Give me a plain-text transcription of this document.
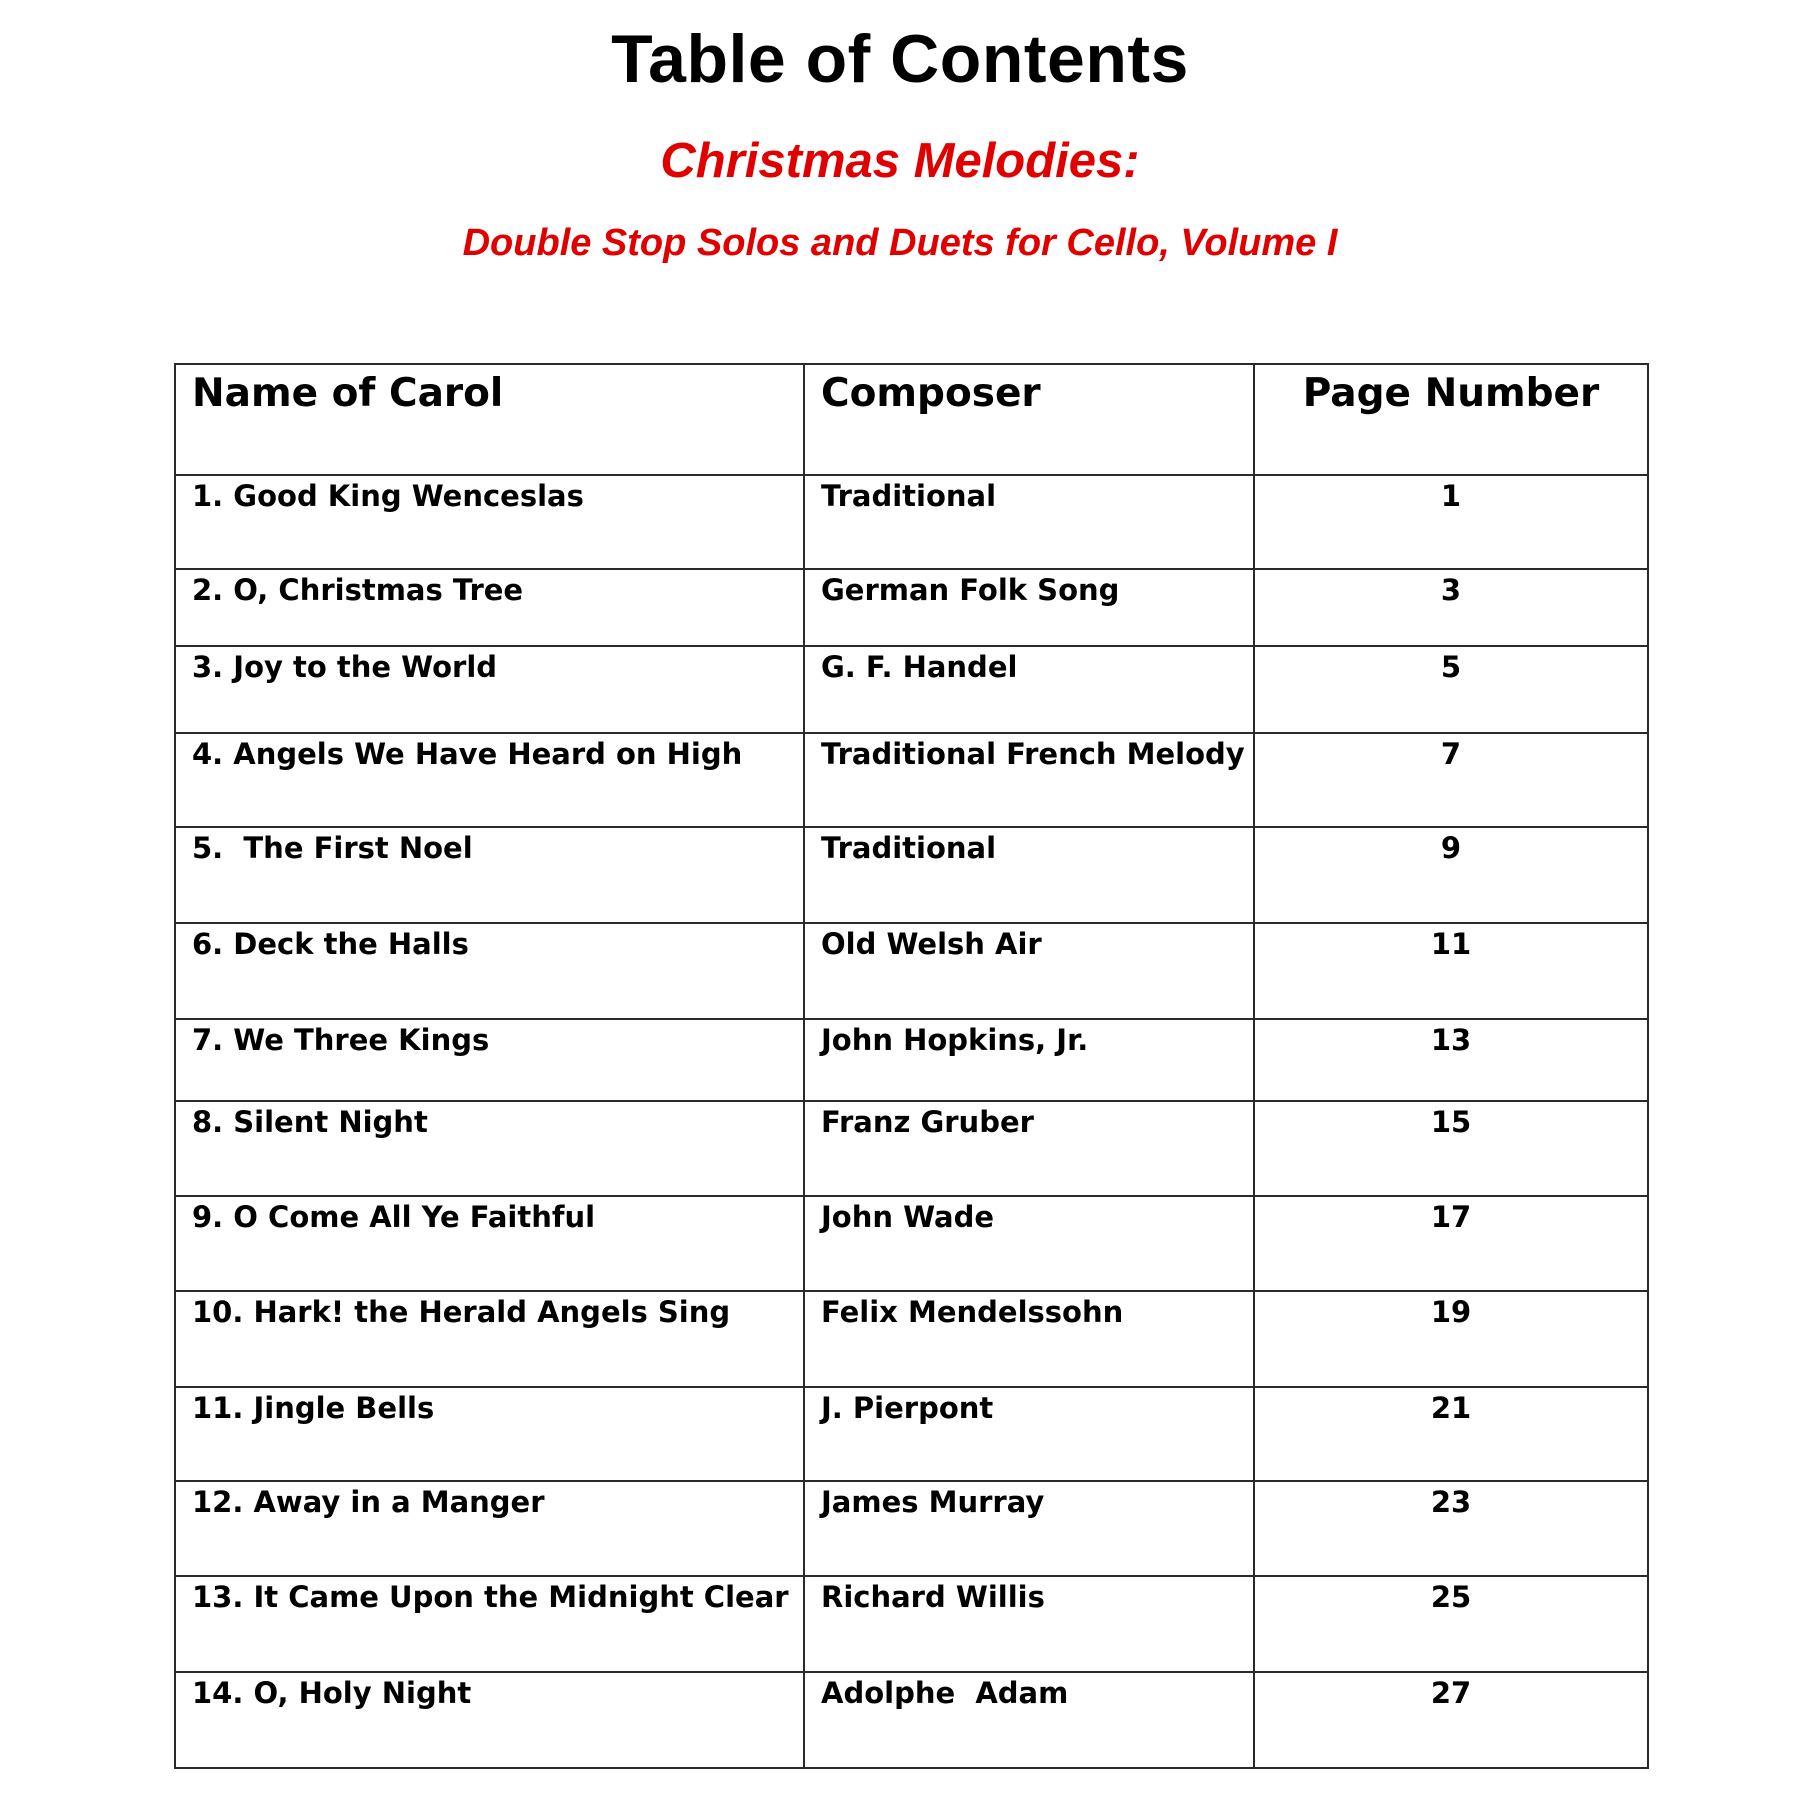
Table of Contents
Christmas Melodies:
Double Stop Solos and Duets for Cello, Volume I
Name of Carol	Composer	Page Number

1. Good King Wenceslas	Traditional	1

2. O, Christmas Tree	German Folk Song	3

3. Joy to the World	G. F. Handel	5

4. Angels We Have Heard on High	Traditional French Melody	7

5.  The First Noel	Traditional	9

6. Deck the Halls	Old Welsh Air	11

7. We Three Kings	John Hopkins, Jr.	13

8. Silent Night	Franz Gruber	15

9. O Come All Ye Faithful	John Wade	17

10. Hark! the Herald Angels Sing	Felix Mendelssohn	19

11. Jingle Bells	J. Pierpont	21

12. Away in a Manger	James Murray	23

13. It Came Upon the Midnight Clear	Richard Willis	25

14. O, Holy Night	Adolphe  Adam	27
